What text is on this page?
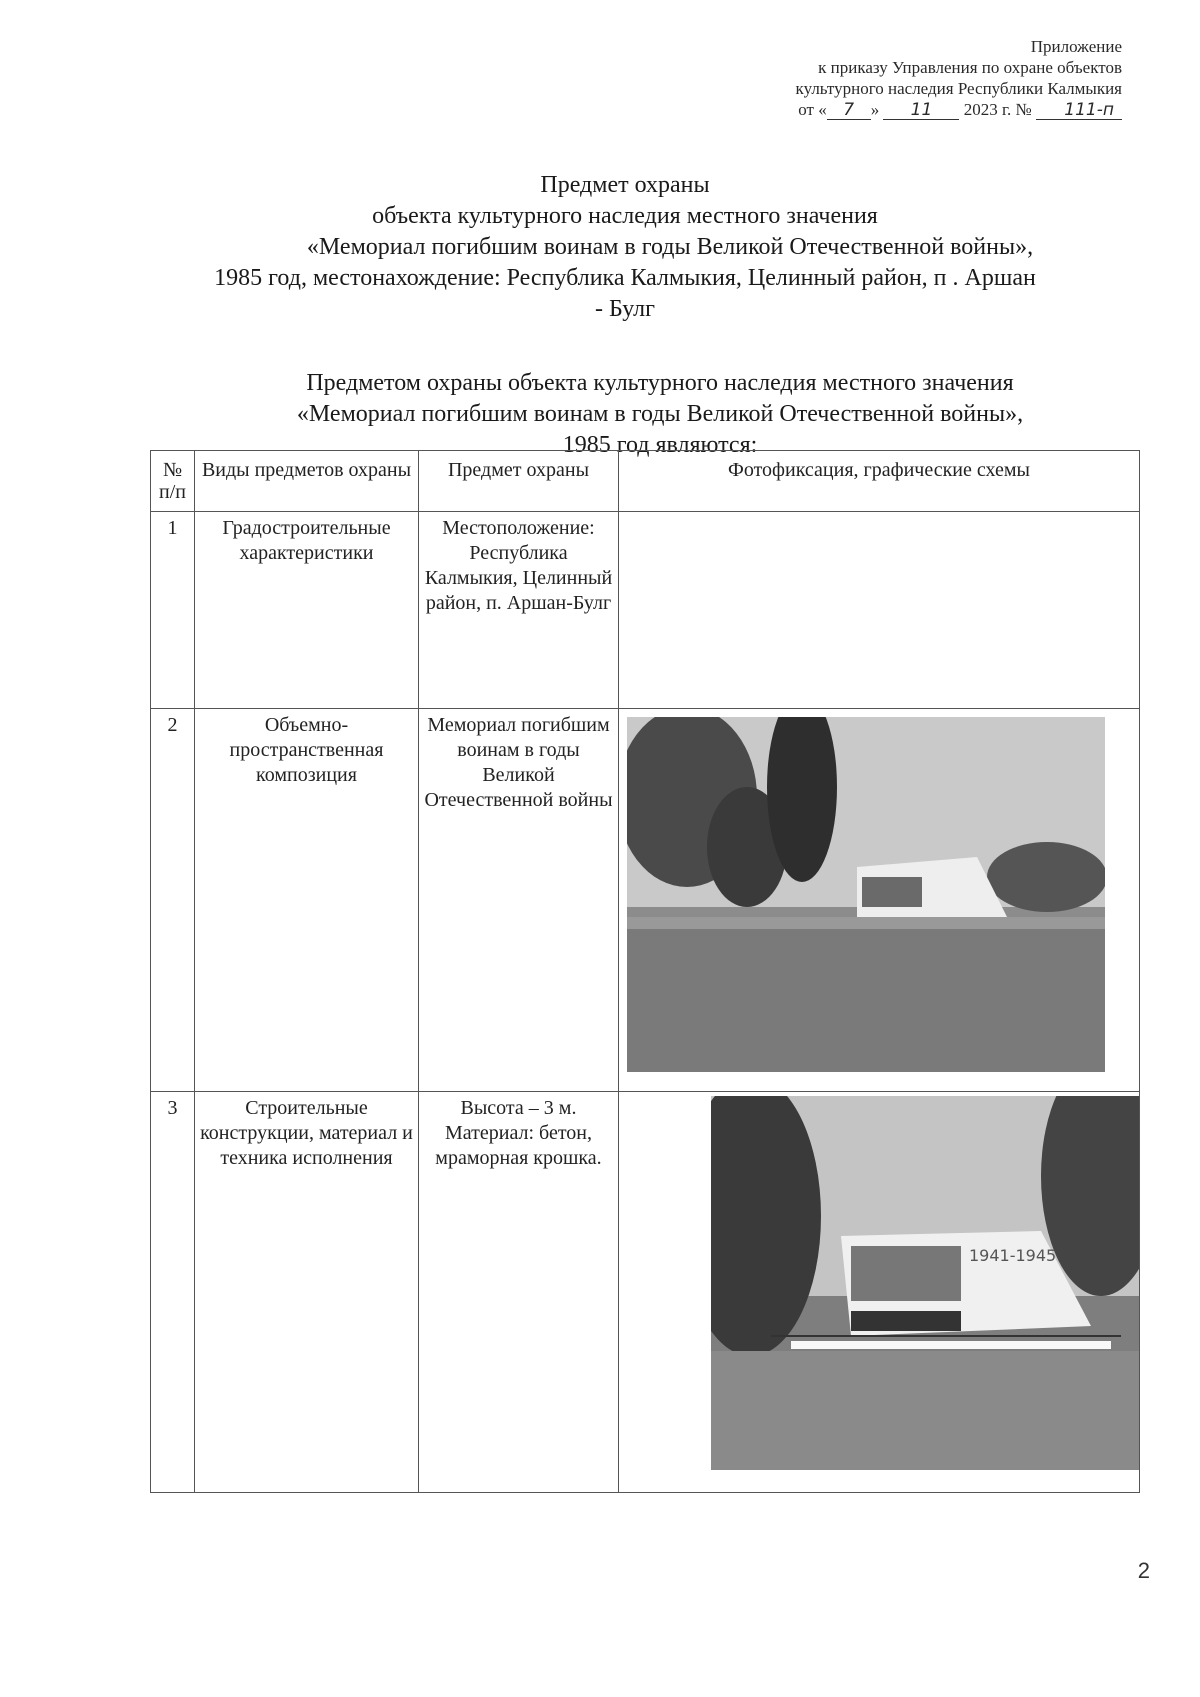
Приложение
к приказу Управления по охране объектов
культурного наследия Республики Калмыкия
от « 7 » 11 2023 г. № 111-п
Предмет охраны
объекта культурного наследия местного значения
«Мемориал погибшим воинам в годы Великой Отечественной войны»,
1985 год, местонахождение: Республика Калмыкия, Целинный район, п . Аршан
- Булг
Предметом охраны объекта культурного наследия местного значения
«Мемориал погибшим воинам в годы Великой Отечественной войны»,
1985 год являются:
№ п/п	Виды предметов охраны	Предмет охраны	Фотофиксация, графические схемы
1	Градостроительные характеристики	Местоположение: Республика Калмыкия, Целинный район, п. Аршан-Булг	
2	Объемно-пространственная композиция	Мемориал погибшим воинам в годы Великой Отечественной войны	

3	Строительные конструкции, материал и техника исполнения	Высота – 3 м. Материал: бетон, мраморная крошка.	1941-1945
2
